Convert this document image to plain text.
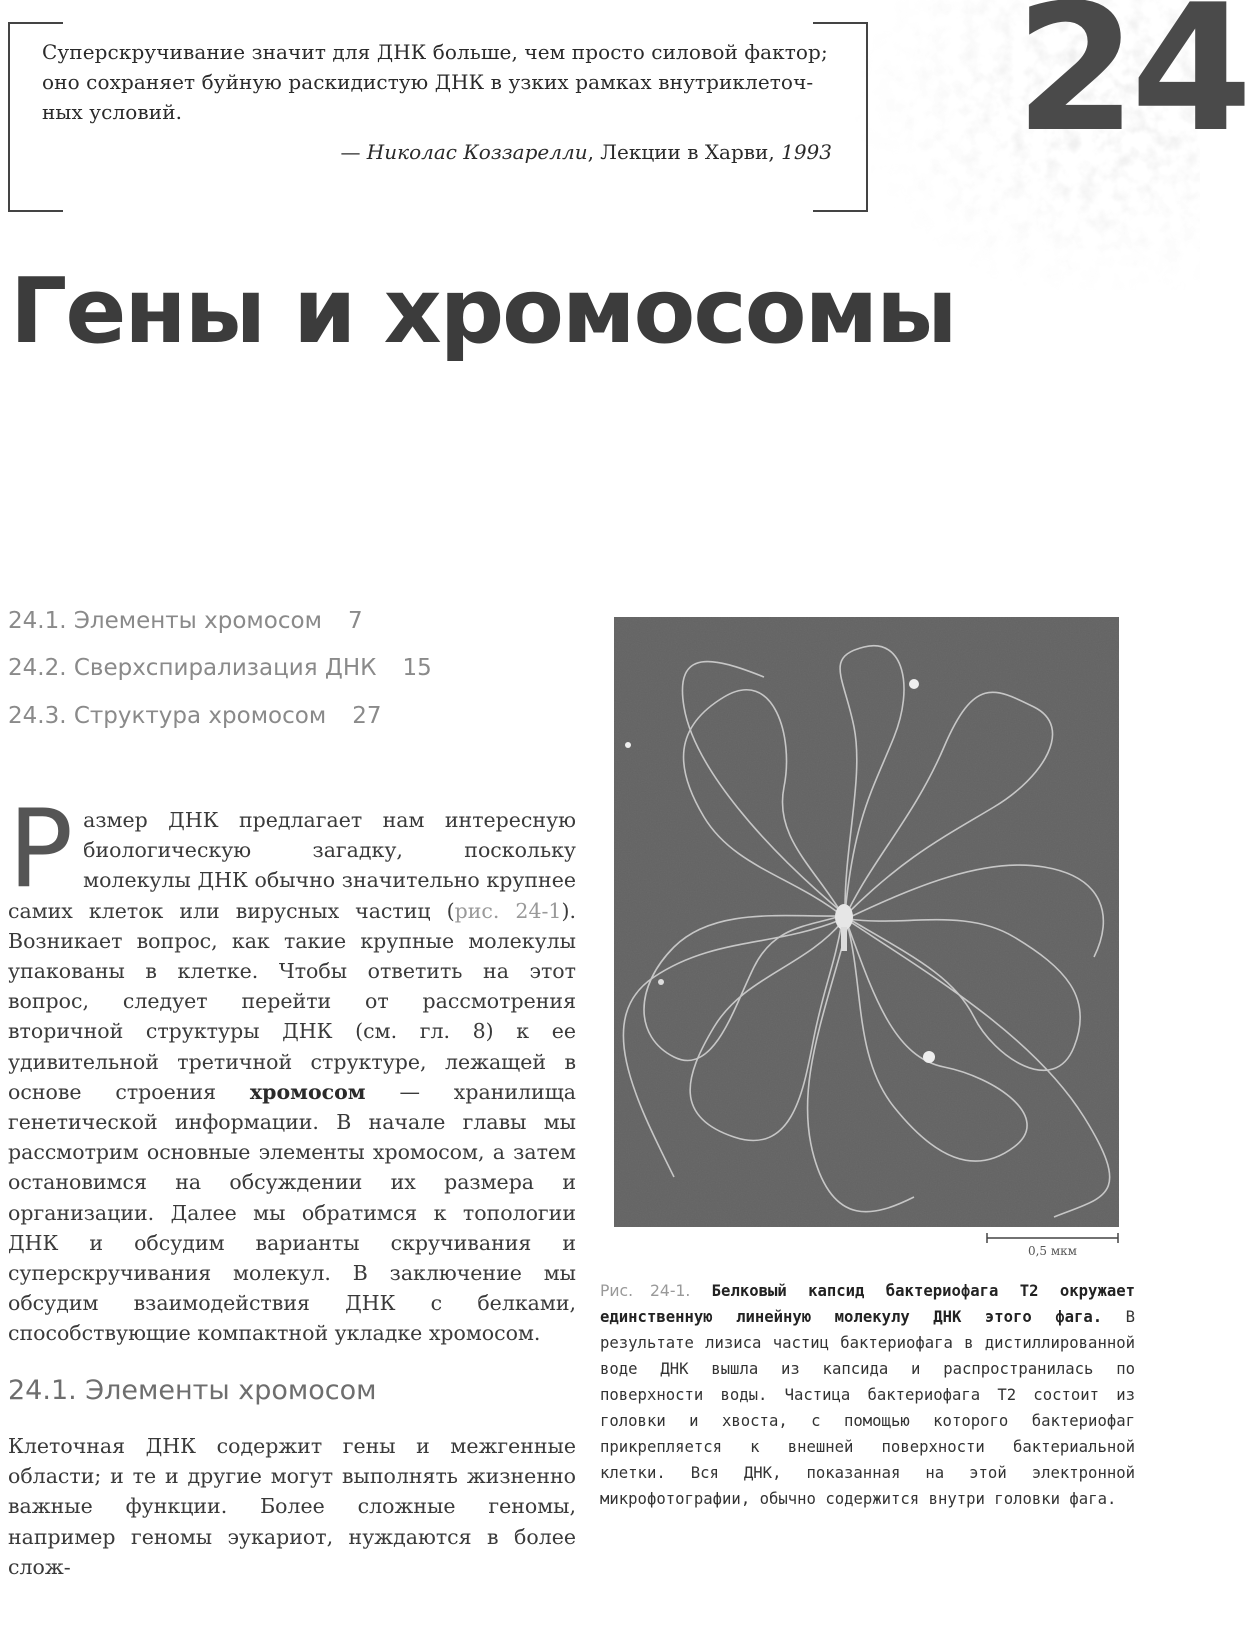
Суперскручивание значит для ДНК больше, чем просто силовой фактор;
оно сохраняет буйную раскидистую ДНК в узких рамках внутриклеточ-
ных условий.
— Николас Коззарелли, Лекции в Харви, 1993 24
Гены и хромосомы
24.1. Элементы хромосом 7
24.2. Сверхспирализация ДНК 15
24.3. Структура хромосом 27
Размер ДНК предлагает нам интересную биологическую загадку, поскольку молекулы ДНК обычно значительно крупнее самих клеток или вирусных частиц (рис. 24-1). Возникает вопрос, как такие крупные молекулы упакованы в клетке. Чтобы ответить на этот вопрос, следует перейти от рассмотрения вторичной структуры ДНК (см. гл. 8) к ее удивительной третичной структуре, лежащей в основе строения хромосом — хранилища генетической информации. В начале главы мы рассмотрим основные элементы хромосом, а затем остановимся на обсуждении их размера и организации. Далее мы обратимся к топологии ДНК и обсудим варианты скручивания и суперскручивания молекул. В заключение мы обсудим взаимодействия ДНК с белками, способствующие компактной укладке хромосом.
24.1. Элементы хромосом
Клеточная ДНК содержит гены и межгенные области; и те и другие могут выполнять жизненно важные функции. Более сложные геномы, например геномы эукариот, нуждаются в более слож-
0,5 мкм
Рис. 24-1. Белковый капсид бактериофага T2 окружает единственную линейную молекулу ДНК этого фага. В результате лизиса частиц бактериофага в дистиллированной воде ДНК вышла из капсида и распространилась по поверхности воды. Частица бактериофага T2 состоит из головки и хвоста, с помощью которого бактериофаг прикрепляется к внешней поверхности бактериальной клетки. Вся ДНК, показанная на этой электронной микрофотографии, обычно содержится внутри головки фага.
